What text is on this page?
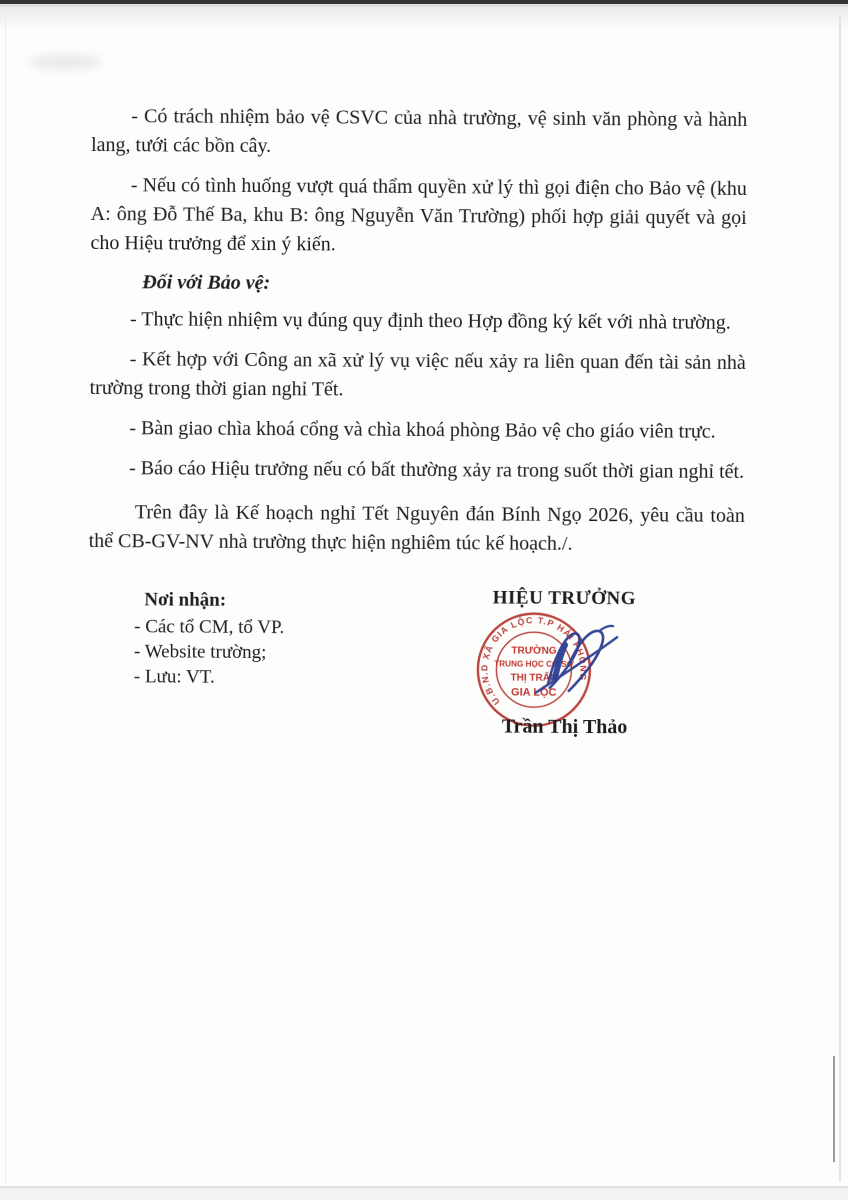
- Có trách nhiệm bảo vệ CSVC của nhà trường, vệ sinh văn phòng và hành lang, tưới các bồn cây.

- Nếu có tình huống vượt quá thẩm quyền xử lý thì gọi điện cho Bảo vệ (khu A: ông Đỗ Thế Ba, khu B: ông Nguyễn Văn Trường) phối hợp giải quyết và gọi cho Hiệu trưởng để xin ý kiến.

Đối với Bảo vệ:

- Thực hiện nhiệm vụ đúng quy định theo Hợp đồng ký kết với nhà trường.

- Kết hợp với Công an xã xử lý vụ việc nếu xảy ra liên quan đến tài sản nhà trường trong thời gian nghỉ Tết.

- Bàn giao chìa khoá cổng và chìa khoá phòng Bảo vệ cho giáo viên trực.

- Báo cáo Hiệu trưởng nếu có bất thường xảy ra trong suốt thời gian nghỉ tết.

Trên đây là Kế hoạch nghỉ Tết Nguyên đán Bính Ngọ 2026, yêu cầu toàn thể CB-GV-NV nhà trường thực hiện nghiêm túc kế hoạch./.

Nơi nhận:
- Các tổ CM, tổ VP.
- Website trường;
- Lưu: VT.
HIỆU TRƯỞNG
U.B.N.D XÃ GIA LỘC T.P HẢI PHÒNG
TRƯỜNG
TRUNG HỌC CƠ SỞ
THỊ TRẤN
GIA LỘC
Trần Thị Thảo
